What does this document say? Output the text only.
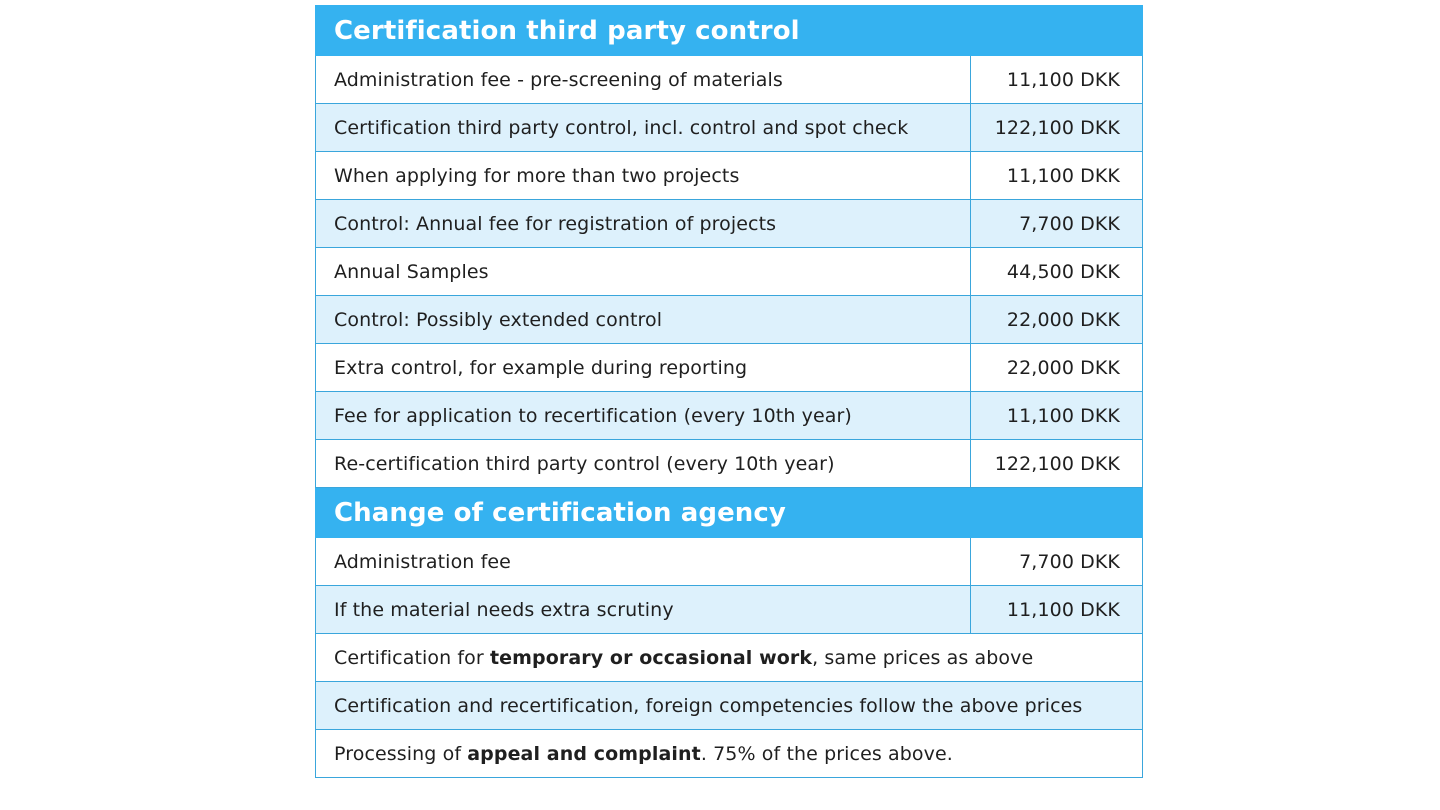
Certification third party control	
Administration fee - pre-screening of materials	11,100 DKK
Certification third party control, incl. control and spot check	122,100 DKK
When applying for more than two projects	11,100 DKK
Control: Annual fee for registration of projects	7,700 DKK
Annual Samples	44,500 DKK
Control: Possibly extended control	22,000 DKK
Extra control, for example during reporting	22,000 DKK
Fee for application to recertification (every 10th year)	11,100 DKK
Re-certification third party control (every 10th year)	122,100 DKK
Change of certification agency	
Administration fee	7,700 DKK
If the material needs extra scrutiny	11,100 DKK
Certification for temporary or occasional work, same prices as above	
Certification and recertification, foreign competencies follow the above prices	
Processing of appeal and complaint. 75% of the prices above.	
